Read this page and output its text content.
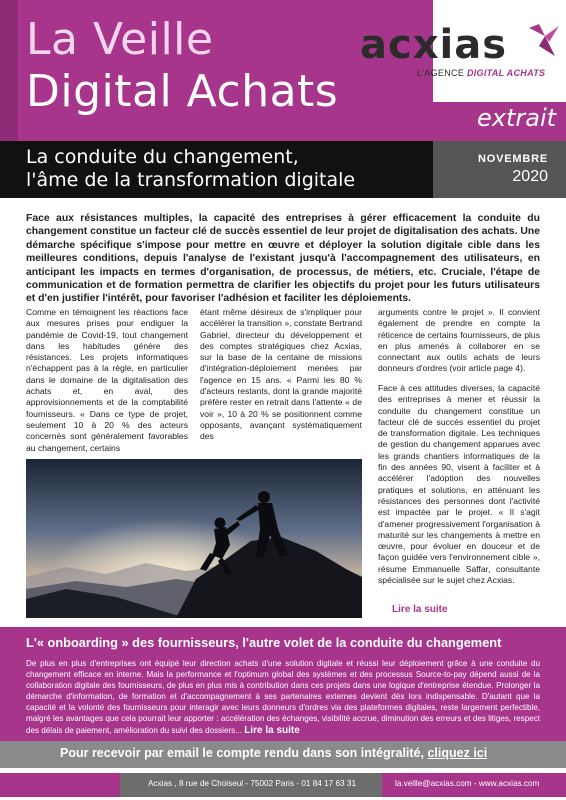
La Veille
Digital Achats
acxias
L'AGENCE DIGITAL ACHATS
extrait
La conduite du changement,
l'âme de la transformation digitale
NOVEMBRE
2020

Face aux résistances multiples, la capacité des entreprises à gérer efficacement la conduite du changement constitue un facteur clé de succès essentiel de leur projet de digitalisation des achats. Une démarche spécifique s'impose pour mettre en œuvre et déployer la solution digitale cible dans les meilleures conditions, depuis l'analyse de l'existant jusqu'à l'accompagnement des utilisateurs, en anticipant les impacts en termes d'organisation, de processus, de métiers, etc. Cruciale, l'étape de communication et de formation permettra de clarifier les objectifs du projet pour les futurs utilisateurs et d'en justifier l'intérêt, pour favoriser l'adhésion et faciliter les déploiements.

Comme en témoignent les réactions face aux mesures prises pour endiguer la pandémie de Covid-19, tout changement dans les habitudes génère des résistances. Les projets informatiques n'échappent pas à la règle, en particulier dans le domaine de la digitalisation des achats et, en aval, des approvisionnements et de la comptabilité fournisseurs. « Dans ce type de projet, seulement 10 à 20 % des acteurs concernés sont généralement favorables au changement, certains

étant même désireux de s'impliquer pour accélérer la transition », constate Bertrand Gabriel, directeur du développement et des comptes stratégiques chez Acxias, sur la base de la centaine de missions d'intégration-déploiement menées par l'agence en 15 ans. « Parmi les 80 % d'acteurs restants, dont la grande majorité préfère rester en retrait dans l'attente « de voir », 10 à 20 % se positionnent comme opposants, avançant systématiquement des

arguments contre le projet ». Il convient également de prendre en compte la réticence de certains fournisseurs, de plus en plus amenés à collaborer en se connectant aux outils achats de leurs donneurs d'ordres (voir article page 4).

Face à ces attitudes diverses, la capacité des entreprises à mener et réussir la conduite du changement constitue un facteur clé de succès essentiel du projet de transformation digitale. Les techniques de gestion du changement apparues avec les grands chantiers informatiques de la fin des années 90, visent à faciliter et à accélérer l'adoption des nouvelles pratiques et solutions, en atténuant les résistances des personnes dont l'activité est impactée par le projet. « Il s'agit d'amener progressivement l'organisation à maturité sur les changements à mettre en œuvre, pour évoluer en douceur et de façon guidée vers l'environnement cible », résume Emmanuelle Saffar, consultante spécialisée sur le sujet chez Acxias.

Lire la suite
L'« onboarding » des fournisseurs, l'autre volet de la conduite du changement

De plus en plus d'entreprises ont équipé leur direction achats d'une solution digitale et réussi leur déploiement grâce à une conduite du changement efficace en interne. Mais la performance et l'optimum global des systèmes et des processus Source-to-pay dépend aussi de la collaboration digitale des fournisseurs, de plus en plus mis à contribution dans ces projets dans une logique d'entreprise étendue. Prolonger la démarche d'information, de formation et d'accompagnement à ses partenaires externes devient dès lors indispensable. D'autant que la capacité et la volonté des fournisseurs pour interagir avec leurs donneurs d'ordres via des plateformes digitales, reste largement perfectible, malgré les avantages que cela pourrait leur apporter : accélération des échanges, visibilité accrue, diminution des erreurs et des litiges, respect des délais de paiement, amélioration du suivi des dossiers... Lire la suite

Pour recevoir par email le compte rendu dans son intégralité, cliquez ici
Acxias , 8 rue de Choiseul - 75002 Paris - 01 84 17 63 31	la.veille@acxias.com - www.acxias.com
